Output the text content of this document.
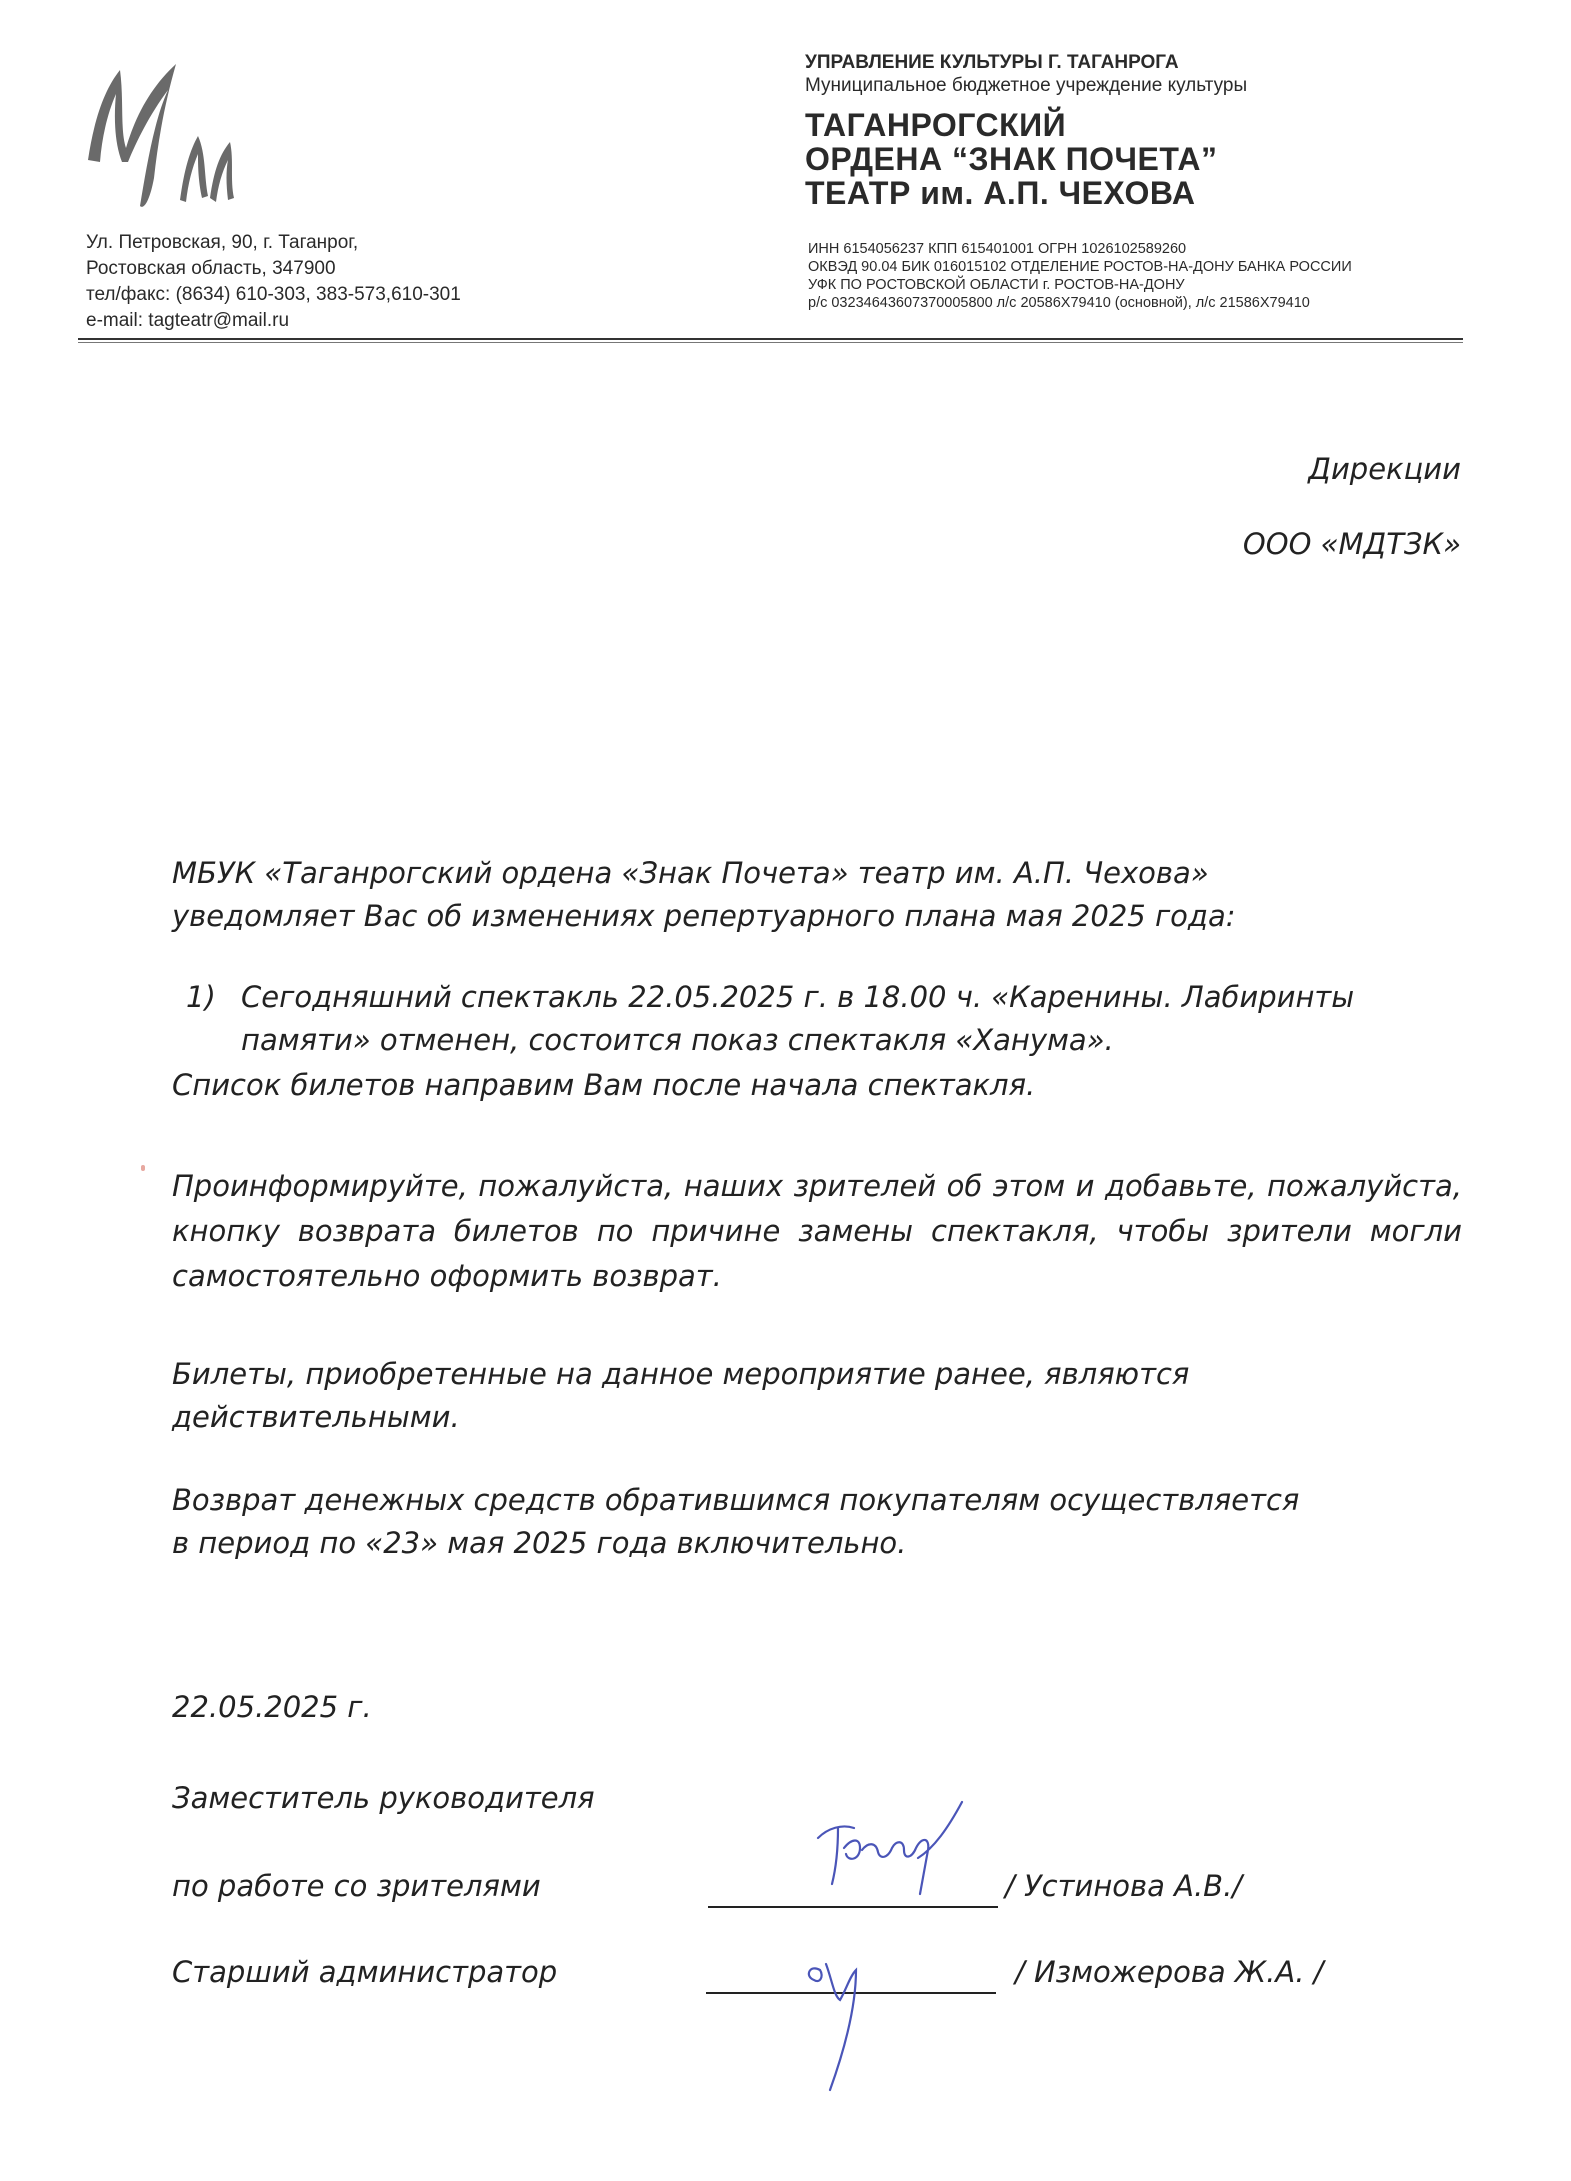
Ул. Петровская, 90, г. Таганрог,
Ростовская область, 347900
тел/факс: (8634) 610-303, 383-573,610-301
e-mail: tagteatr@mail.ru
УПРАВЛЕНИЕ КУЛЬТУРЫ Г. ТАГАНРОГА
Муниципальное бюджетное учреждение культуры
ТАГАНРОГСКИЙ
ОРДЕНА “ЗНАК ПОЧЕТА”
ТЕАТР им. А.П. ЧЕХОВА
ИНН 6154056237 КПП 615401001 ОГРН 1026102589260
ОКВЭД 90.04 БИК 016015102 ОТДЕЛЕНИЕ РОСТОВ-НА-ДОНУ БАНКА РОССИИ
УФК ПО РОСТОВСКОЙ ОБЛАСТИ г. РОСТОВ-НА-ДОНУ
р/с 03234643607370005800 л/с 20586X79410 (основной), л/с 21586X79410
Дирекции
ООО «МДТЗК»
МБУК «Таганрогский ордена «Знак Почета» театр им. А.П. Чехова»
уведомляет Вас об изменениях репертуарного плана мая 2025 года:
1) Сегодняшний спектакль 22.05.2025 г. в 18.00 ч. «Каренины. Лабиринты
памяти» отменен, состоится показ спектакля «Ханума».
Список билетов направим Вам после начала спектакля.
Проинформируйте, пожалуйста, наших зрителей об этом и добавьте, пожалуйста, кнопку возврата билетов по причине замены спектакля, чтобы зрители могли самостоятельно оформить возврат.
Билеты, приобретенные на данное мероприятие ранее, являются
действительными.
Возврат денежных средств обратившимся покупателям осуществляется
в период по «23» мая 2025 года включительно.
22.05.2025 г.
Заместитель руководителя
по работе со зрителями	/ Устинова А.В./
Старший администратор	/ Изможерова Ж.А. /
